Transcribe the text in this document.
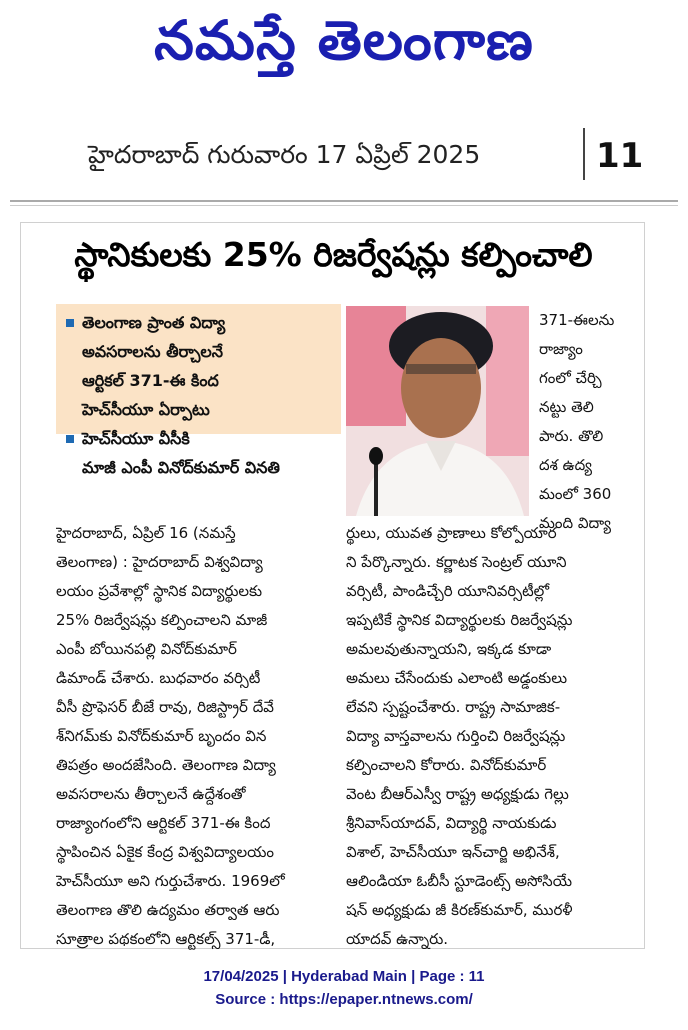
నమస్తే తెలంగాణ
హైదరాబాద్ గురువారం 17 ఏప్రిల్ 2025	11
స్థానికులకు 25% రిజర్వేషన్లు కల్పించాలి
తెలంగాణ ప్రాంత విద్యా
అవసరాలను తీర్చాలనే
ఆర్టికల్ 371-ఈ కింద
హెచ్‌సీయూ ఏర్పాటు
హెచ్‌సీయూ వీసీకి
మాజీ ఎంపీ వినోద్‌కుమార్ వినతి
371-ఈలను
రాజ్యాం
గంలో చేర్చి
నట్టు తెలి
పారు. తొలి
దశ ఉద్య
మంలో 360
మంది విద్యా
హైదరాబాద్, ఏప్రిల్ 16 (నమస్తే
తెలంగాణ) : హైదరాబాద్ విశ్వవిద్యా
లయం ప్రవేశాల్లో స్థానిక విద్యార్థులకు
25% రిజర్వేషన్లు కల్పించాలని మాజీ
ఎంపీ బోయినపల్లి వినోద్‌కుమార్
డిమాండ్ చేశారు. బుధవారం వర్సిటీ
వీసీ ప్రొఫెసర్ బీజే రావు, రిజిస్ట్రార్ దేవే
శ్‌నిగమ్‌కు వినోద్‌కుమార్ బృందం విన
తిపత్రం అందజేసింది. తెలంగాణ విద్యా
అవసరాలను తీర్చాలనే ఉద్దేశంతో
రాజ్యాంగంలోని ఆర్టికల్ 371-ఈ కింద
స్థాపించిన ఏకైక కేంద్ర విశ్వవిద్యాలయం
హెచ్‌సీయూ అని గుర్తుచేశారు. 1969లో
తెలంగాణ తొలి ఉద్యమం తర్వాత ఆరు
సూత్రాల పథకంలోని ఆర్టికల్స్ 371-డీ,
ర్థులు, యువత ప్రాణాలు కోల్పోయార
ని పేర్కొన్నారు. కర్ణాటక సెంట్రల్ యూని
వర్సిటీ, పాండిచ్చేరి యూనివర్సిటీల్లో
ఇప్పటికే స్థానిక విద్యార్థులకు రిజర్వేషన్లు
అమలవుతున్నాయని, ఇక్కడ కూడా
అమలు చేసేందుకు ఎలాంటి అడ్డంకులు
లేవని స్పష్టంచేశారు. రాష్ట్ర సామాజిక-
విద్యా వాస్తవాలను గుర్తించి రిజర్వేషన్లు
కల్పించాలని కోరారు. వినోద్‌కుమార్
వెంట బీఆర్‌ఎస్వీ రాష్ట్ర అధ్యక్షుడు గెల్లు
శ్రీనివాస్‌యాదవ్, విద్యార్థి నాయకుడు
విశాల్, హెచ్‌సీయూ ఇన్‌చార్జి అభినేశ్,
ఆలిండియా ఓబీసీ స్టూడెంట్స్ అసోసియే
షన్ అధ్యక్షుడు జీ కిరణ్‌కుమార్, మురళీ
యాదవ్ ఉన్నారు.
17/04/2025 | Hyderabad Main | Page : 11
Source : https://epaper.ntnews.com/
